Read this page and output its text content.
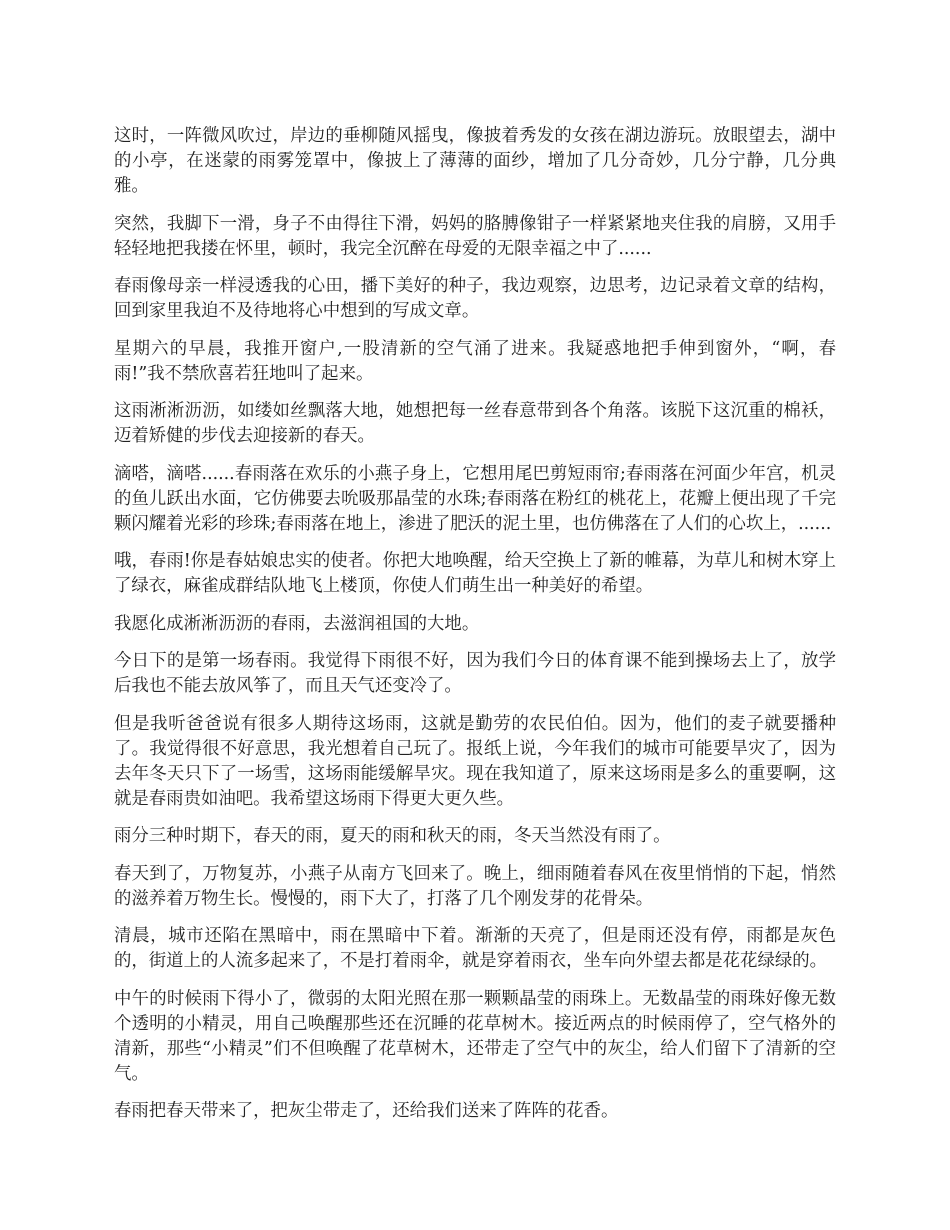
这时，一阵微风吹过，岸边的垂柳随风摇曳，像披着秀发的女孩在湖边游玩。放眼望去，湖中的小亭，在迷蒙的雨雾笼罩中，像披上了薄薄的面纱，增加了几分奇妙，几分宁静，几分典雅。

突然，我脚下一滑，身子不由得往下滑，妈妈的胳膊像钳子一样紧紧地夹住我的肩膀，又用手轻轻地把我搂在怀里，顿时，我完全沉醉在母爱的无限幸福之中了......

春雨像母亲一样浸透我的心田，播下美好的种子，我边观察，边思考，边记录着文章的结构，回到家里我迫不及待地将心中想到的写成文章。

星期六的早晨，我推开窗户,一股清新的空气涌了进来。我疑惑地把手伸到窗外，“啊，春雨!”我不禁欣喜若狂地叫了起来。

这雨淅淅沥沥，如缕如丝飘落大地，她想把每一丝春意带到各个角落。该脱下这沉重的棉袄，迈着矫健的步伐去迎接新的春天。

滴嗒，滴嗒......春雨落在欢乐的小燕子身上，它想用尾巴剪短雨帘;春雨落在河面少年宫，机灵的鱼儿跃出水面，它仿佛要去吮吸那晶莹的水珠;春雨落在粉红的桃花上，花瓣上便出现了千完颗闪耀着光彩的珍珠;春雨落在地上，渗进了肥沃的泥土里，也仿佛落在了人们的心坎上，......

哦，春雨!你是春姑娘忠实的使者。你把大地唤醒，给天空换上了新的帷幕，为草儿和树木穿上了绿衣，麻雀成群结队地飞上楼顶，你使人们萌生出一种美好的希望。

我愿化成淅淅沥沥的春雨，去滋润祖国的大地。

今日下的是第一场春雨。我觉得下雨很不好，因为我们今日的体育课不能到操场去上了，放学后我也不能去放风筝了，而且天气还变冷了。

但是我听爸爸说有很多人期待这场雨，这就是勤劳的农民伯伯。因为，他们的麦子就要播种了。我觉得很不好意思，我光想着自己玩了。报纸上说，今年我们的城市可能要旱灾了，因为去年冬天只下了一场雪，这场雨能缓解旱灾。现在我知道了，原来这场雨是多么的重要啊，这就是春雨贵如油吧。我希望这场雨下得更大更久些。

雨分三种时期下，春天的雨，夏天的雨和秋天的雨，冬天当然没有雨了。

春天到了，万物复苏，小燕子从南方飞回来了。晚上，细雨随着春风在夜里悄悄的下起，悄然的滋养着万物生长。慢慢的，雨下大了，打落了几个刚发芽的花骨朵。

清晨，城市还陷在黑暗中，雨在黑暗中下着。渐渐的天亮了，但是雨还没有停，雨都是灰色的，街道上的人流多起来了，不是打着雨伞，就是穿着雨衣，坐车向外望去都是花花绿绿的。

中午的时候雨下得小了，微弱的太阳光照在那一颗颗晶莹的雨珠上。无数晶莹的雨珠好像无数个透明的小精灵，用自己唤醒那些还在沉睡的花草树木。接近两点的时候雨停了，空气格外的清新，那些“小精灵”们不但唤醒了花草树木，还带走了空气中的灰尘，给人们留下了清新的空气。

春雨把春天带来了，把灰尘带走了，还给我们送来了阵阵的花香。
